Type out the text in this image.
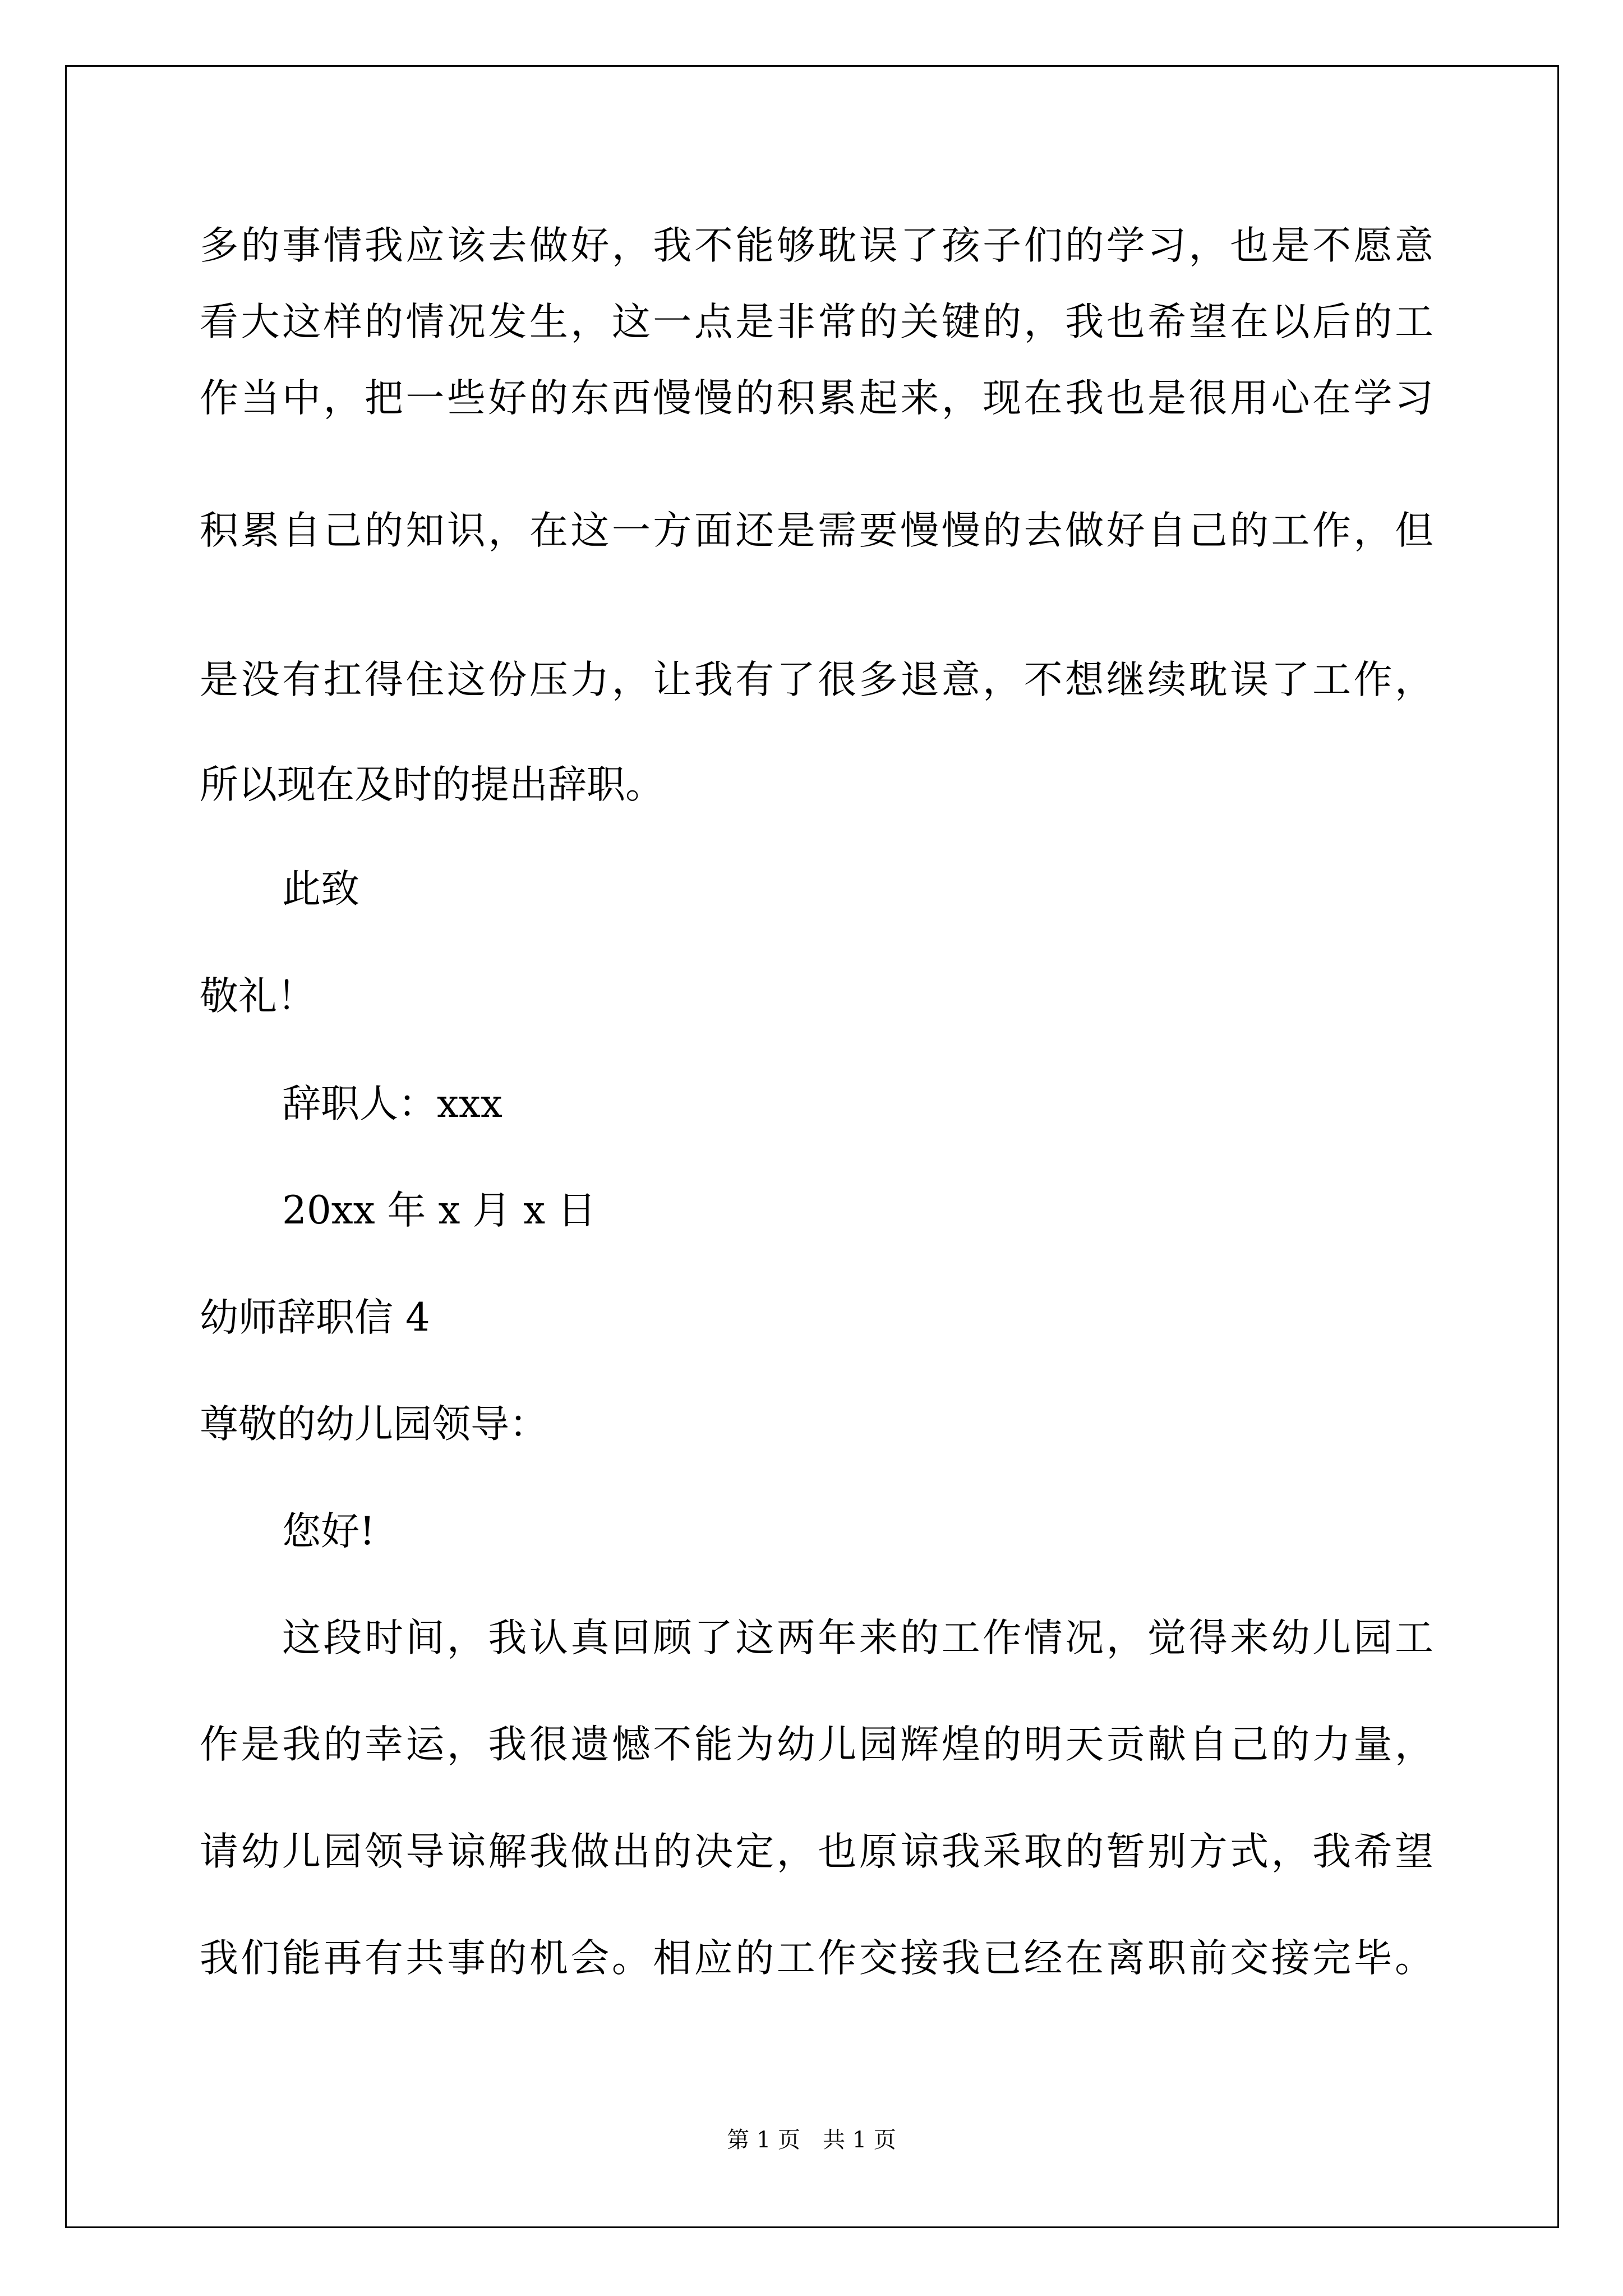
多的事情我应该去做好，我不能够耽误了孩子们的学习，也是不愿意
看大这样的情况发生，这一点是非常的关键的，我也希望在以后的工
作当中，把一些好的东西慢慢的积累起来，现在我也是很用心在学习
积累自己的知识，在这一方面还是需要慢慢的去做好自己的工作，但
是没有扛得住这份压力，让我有了很多退意，不想继续耽误了工作，
所以现在及时的提出辞职。
此致
敬礼！
辞职人：xxx
20xx 年 x 月 x 日
幼师辞职信 4
尊敬的幼儿园领导：
您好!
这段时间，我认真回顾了这两年来的工作情况，觉得来幼儿园工
作是我的幸运，我很遗憾不能为幼儿园辉煌的明天贡献自己的力量，
请幼儿园领导谅解我做出的决定，也原谅我采取的暂别方式，我希望
我们能再有共事的机会。相应的工作交接我已经在离职前交接完毕。
第 1 页　共 1 页
